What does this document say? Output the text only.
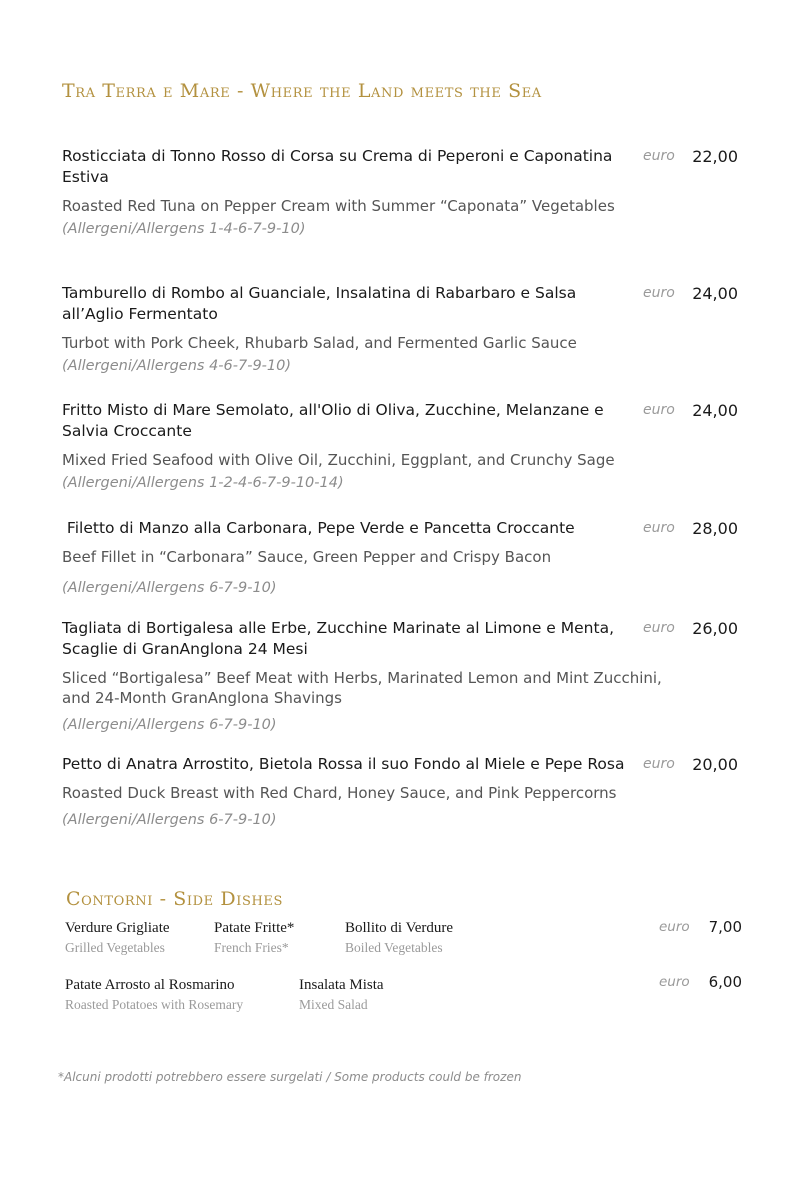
Tra Terra e Mare - Where the Land meets the Sea
Rosticciata di Tonno Rosso di Corsa su Crema di Peperoni e Caponatina Estiva
Roasted Red Tuna on Pepper Cream with Summer “Caponata” Vegetables
(Allergeni/Allergens 1-4-6-7-9-10)
euro 22,00
Tamburello di Rombo al Guanciale, Insalatina di Rabarbaro e Salsa all’Aglio Fermentato
Turbot with Pork Cheek, Rhubarb Salad, and Fermented Garlic Sauce
(Allergeni/Allergens 4-6-7-9-10)
euro 24,00
Fritto Misto di Mare Semolato, all'Olio di Oliva, Zucchine, Melanzane e Salvia Croccante
Mixed Fried Seafood with Olive Oil, Zucchini, Eggplant, and Crunchy Sage
(Allergeni/Allergens 1-2-4-6-7-9-10-14)
euro 24,00
Filetto di Manzo alla Carbonara, Pepe Verde e Pancetta Croccante
Beef Fillet in “Carbonara” Sauce, Green Pepper and Crispy Bacon
(Allergeni/Allergens 6-7-9-10)
euro 28,00
Tagliata di Bortigalesa alle Erbe, Zucchine Marinate al Limone e Menta, Scaglie di GranAnglona 24 Mesi
Sliced “Bortigalesa” Beef Meat with Herbs, Marinated Lemon and Mint Zucchini, and 24-Month GranAnglona Shavings
(Allergeni/Allergens 6-7-9-10)
euro 26,00
Petto di Anatra Arrostito, Bietola Rossa il suo Fondo al Miele e Pepe Rosa
Roasted Duck Breast with Red Chard, Honey Sauce, and Pink Peppercorns
(Allergeni/Allergens 6-7-9-10)
euro 20,00
Contorni - Side Dishes
Verdure Grigliate
Grilled Vegetables
Patate Fritte*
French Fries*
Bollito di Verdure
Boiled Vegetables
euro 7,00
Patate Arrosto al Rosmarino
Roasted Potatoes with Rosemary
Insalata Mista
Mixed Salad
euro 6,00
*Alcuni prodotti potrebbero essere surgelati / Some products could be frozen
